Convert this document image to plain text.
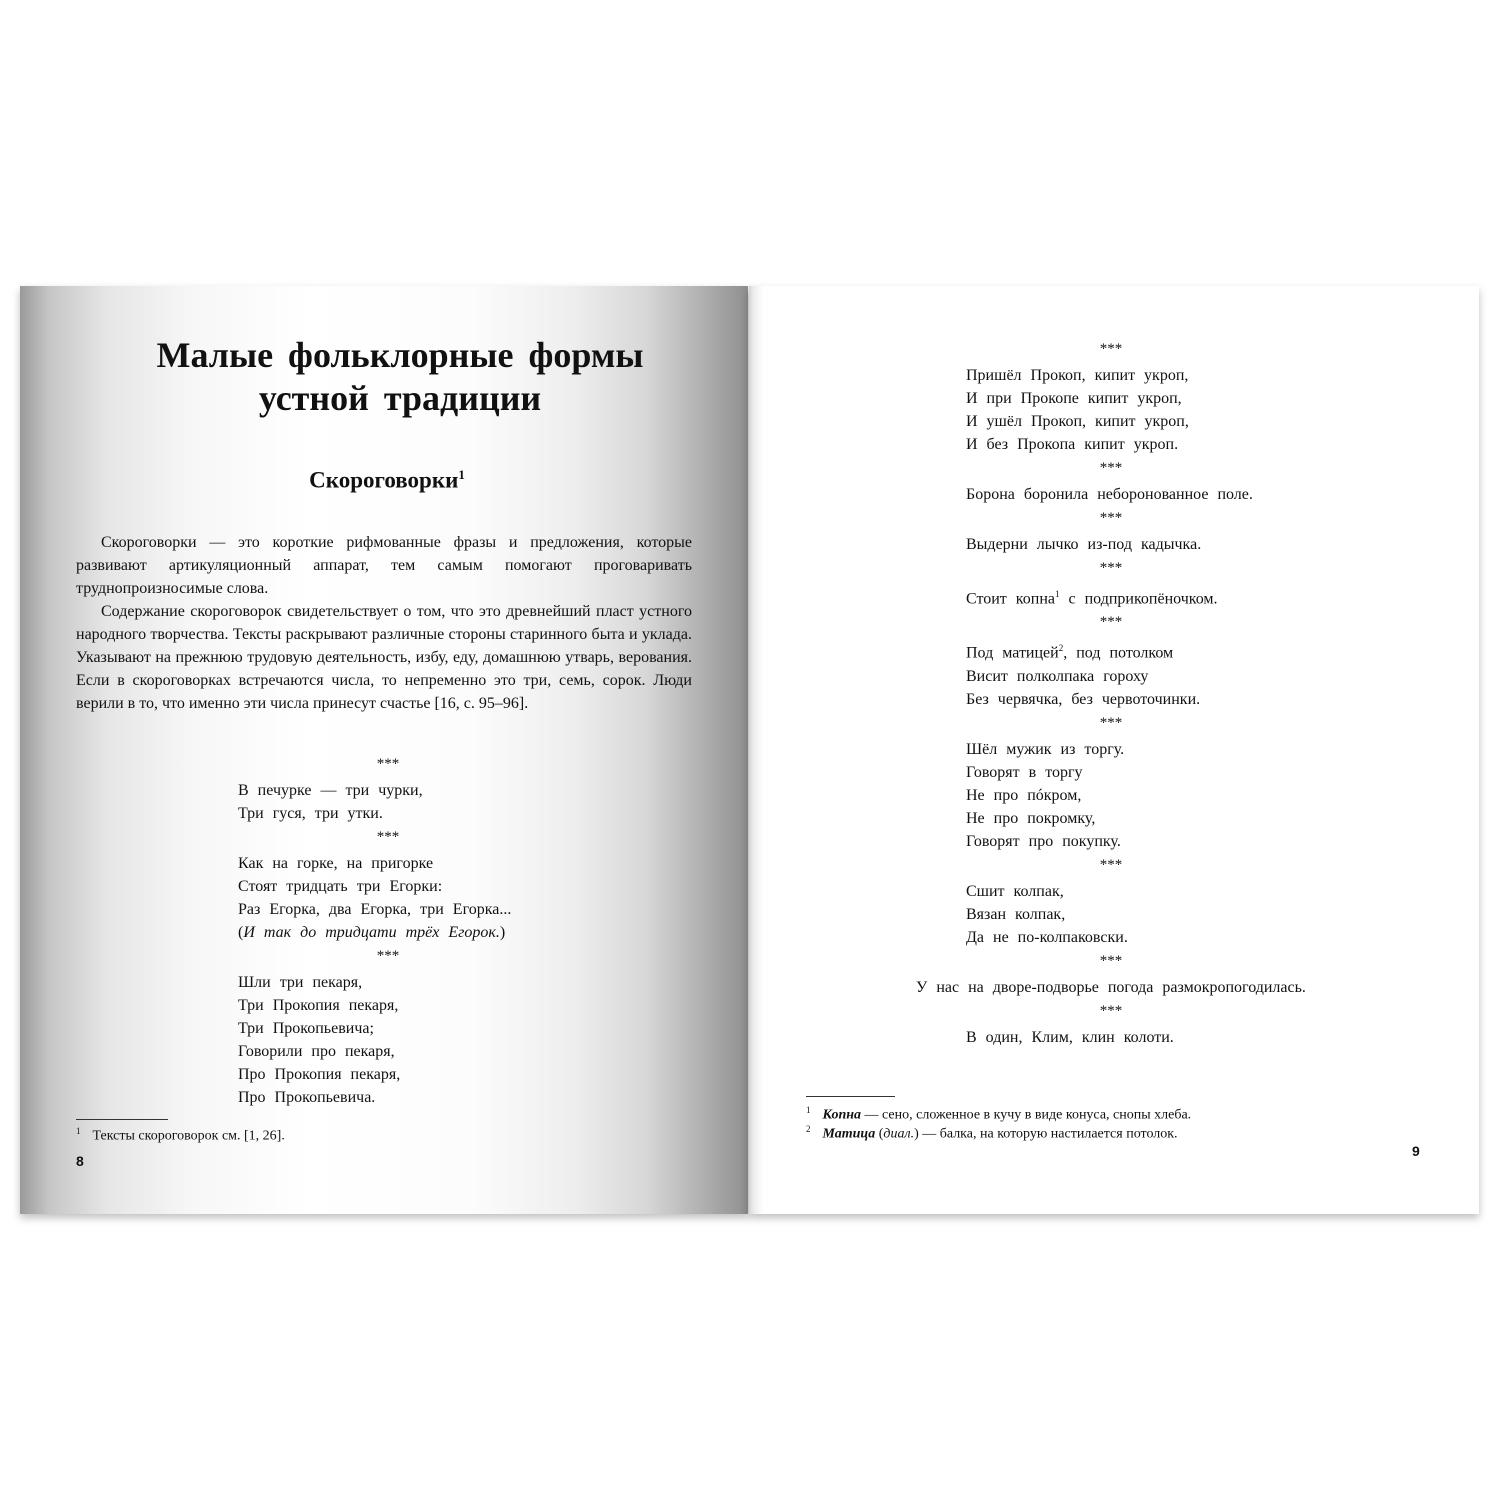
Малые фольклорные формы
устной традиции
Скороговорки$^1$

Скороговорки — это короткие рифмованные фразы и предложения, которые развивают артикуляционный аппарат, тем самым помогают проговаривать труднопроизносимые слова.

Содержание скороговорок свидетельствует о том, что это древнейший пласт устного народного творчества. Тексты раскрывают различные стороны старинного быта и уклада. Указывают на прежнюю трудовую деятельность, избу, еду, домашнюю утварь, верования. Если в скороговорках встречаются числа, то непременно это три, семь, сорок. Люди верили в то, что именно эти числа принесут счастье [16, с. 95–96].

***
В печурке — три чурки,
Три гуся, три утки.
***
Как на горке, на пригорке
Стоят тридцать три Егорки:
Раз Егорка, два Егорка, три Егорка...
(И так до тридцати трёх Егорок.)
***
Шли три пекаря,
Три Прокопия пекаря,
Три Прокопьевича;
Говорили про пекаря,
Про Прокопия пекаря,
Про Прокопьевича.
$^1$ Тексты скороговорок см. [1, 26].
8
***
Пришёл Прокоп, кипит укроп,
И при Прокопе кипит укроп,
И ушёл Прокоп, кипит укроп,
И без Прокопа кипит укроп.
***
Борона боронила неборонованное поле.
***
Выдерни лычко из-под кадычка.
***
Стоит копна$^1$ с подприкопёночком.
***
Под матицей$^2$, под потолком
Висит полколпака гороху
Без червячка, без червоточинки.
***
Шёл мужик из торгу.
Говорят в торгу
Не про пóкром,
Не про покромку,
Говорят про покупку.
***
Сшит колпак,
Вязан колпак,
Да не по-колпаковски.
***
У нас на дворе-подворье погода размокропогодилась.
***
В один, Клим, клин колоти.
$^1$ Копна — сено, сложенное в кучу в виде конуса, снопы хлеба.
$^2$ Матица (диал.) — балка, на которую настилается потолок.
9
